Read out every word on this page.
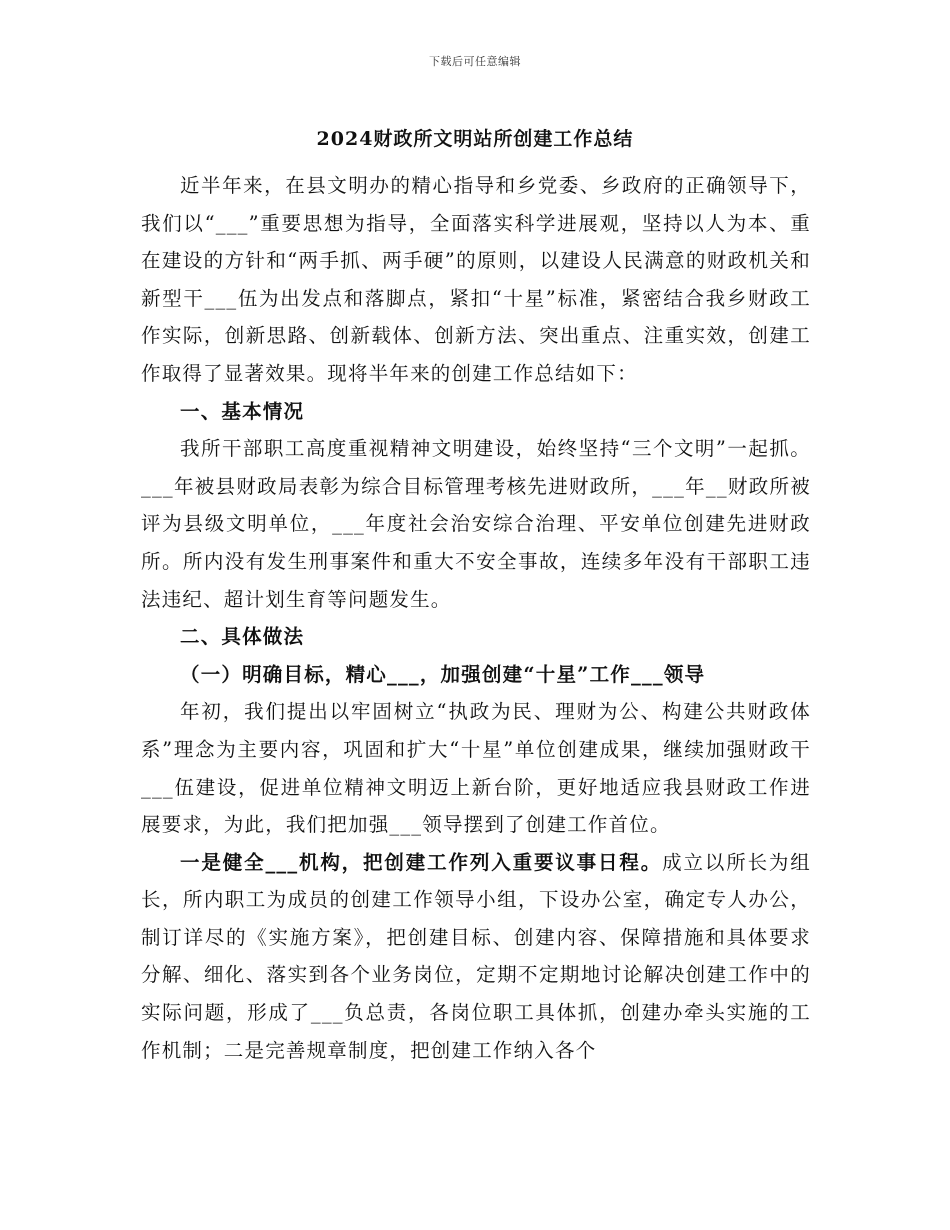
下载后可任意编辑
2024财政所文明站所创建工作总结

近半年来，在县文明办的精心指导和乡党委、乡政府的正确领导下，我们以“___”重要思想为指导，全面落实科学进展观，坚持以人为本、重在建设的方针和“两手抓、两手硬”的原则，以建设人民满意的财政机关和新型干___伍为出发点和落脚点，紧扣“十星”标准，紧密结合我乡财政工作实际，创新思路、创新载体、创新方法、突出重点、注重实效，创建工作取得了显著效果。现将半年来的创建工作总结如下：

一、基本情况

我所干部职工高度重视精神文明建设，始终坚持“三个文明”一起抓。___年被县财政局表彰为综合目标管理考核先进财政所，___年__财政所被评为县级文明单位，___年度社会治安综合治理、平安单位创建先进财政所。所内没有发生刑事案件和重大不安全事故，连续多年没有干部职工违法违纪、超计划生育等问题发生。

二、具体做法

（一）明确目标，精心___，加强创建“十星”工作___领导

年初，我们提出以牢固树立“执政为民、理财为公、构建公共财政体系”理念为主要内容，巩固和扩大“十星”单位创建成果，继续加强财政干___伍建设，促进单位精神文明迈上新台阶，更好地适应我县财政工作进展要求，为此，我们把加强___领导摆到了创建工作首位。

一是健全___机构，把创建工作列入重要议事日程。成立以所长为组长，所内职工为成员的创建工作领导小组，下设办公室，确定专人办公，制订详尽的《实施方案》，把创建目标、创建内容、保障措施和具体要求分解、细化、落实到各个业务岗位，定期不定期地讨论解决创建工作中的实际问题，形成了___负总责，各岗位职工具体抓，创建办牵头实施的工作机制；二是完善规章制度，把创建工作纳入各个
